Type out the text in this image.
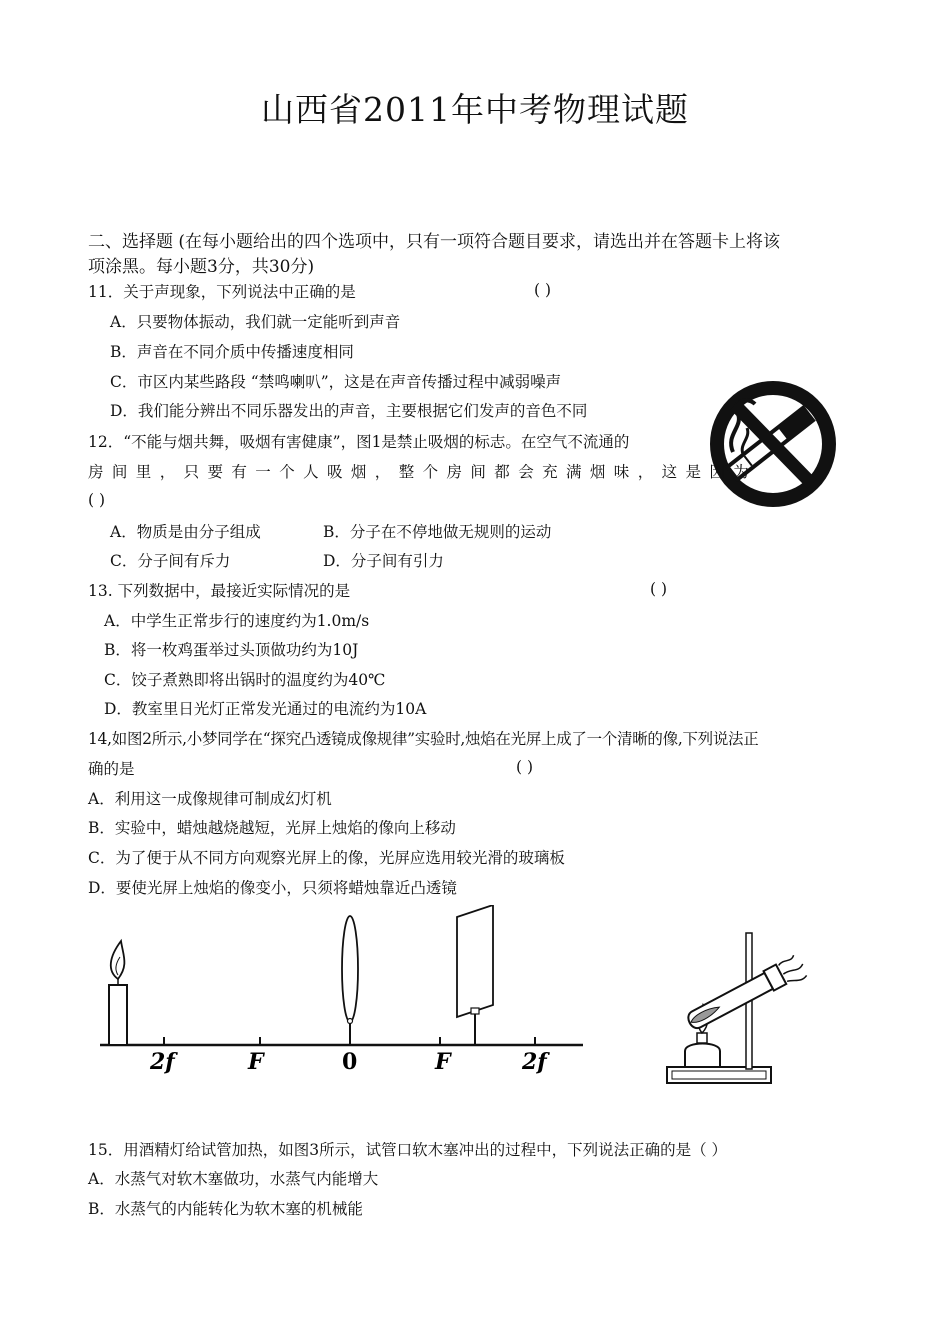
山西省2011年中考物理试题
二、选择题 (在每小题给出的四个选项中，只有一项符合题目要求，请选出并在答题卡上将该
项涂黑。每小题3分，共30分)
11．关于声现象，下列说法中正确的是	( )
A．只要物体振动，我们就一定能听到声音
B．声音在不同介质中传播速度相同
C．市区内某些路段 “禁鸣喇叭”，这是在声音传播过程中减弱噪声
D．我们能分辨出不同乐器发出的声音，主要根据它们发声的音色不同
12．“不能与烟共舞，吸烟有害健康”，图1是禁止吸烟的标志。在空气不流通的
房间里，只要有一个人吸烟，整个房间都会充满烟味，这是因为
( )
A．物质是由分子组成	B．分子在不停地做无规则的运动
C．分子间有斥力	D．分子间有引力
13. 下列数据中，最接近实际情况的是	( )
A．中学生正常步行的速度约为1.0m/s
B．将一枚鸡蛋举过头顶做功约为10J
C．饺子煮熟即将出锅时的温度约为40℃
D．教室里日光灯正常发光通过的电流约为10A
14,如图2所示,小梦同学在“探究凸透镜成像规律”实验时,烛焰在光屏上成了一个清晰的像,下列说法正
确的是	( )
A．利用这一成像规律可制成幻灯机
B．实验中，蜡烛越烧越短，光屏上烛焰的像向上移动
C．为了便于从不同方向观察光屏上的像，光屏应选用较光滑的玻璃板
D．要使光屏上烛焰的像变小，只须将蜡烛靠近凸透镜
2f	F	0	F	2f
15．用酒精灯给试管加热，如图3所示，试管口软木塞冲出的过程中，下列说法正确的是（ ）
A．水蒸气对软木塞做功，水蒸气内能增大
B．水蒸气的内能转化为软木塞的机械能
